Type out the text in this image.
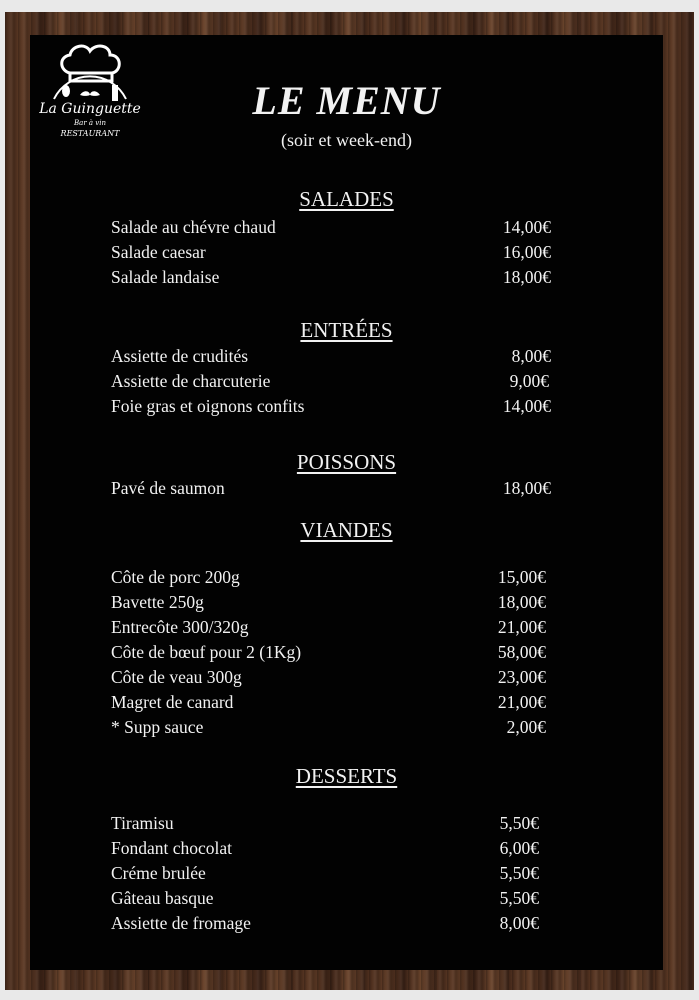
La Guinguette
Bar à vin
RESTAURANT
LE MENU
(soir et week-end)
SALADES
Salade au chévre chaud	14,00€
Salade caesar	16,00€
Salade landaise	18,00€
ENTRÉES
Assiette de crudités	8,00€
Assiette de charcuterie	9,00€
Foie gras et oignons confits	14,00€
POISSONS
Pavé de saumon	18,00€
VIANDES
Côte de porc 200g	15,00€
Bavette 250g	18,00€
Entrecôte 300/320g	21,00€
Côte de bœuf pour 2 (1Kg)	58,00€
Côte de veau 300g	23,00€
Magret de canard	21,00€
* Supp sauce	2,00€
DESSERTS
Tiramisu	5,50€
Fondant chocolat	6,00€
Créme brulée	5,50€
Gâteau basque	5,50€
Assiette de fromage	8,00€
